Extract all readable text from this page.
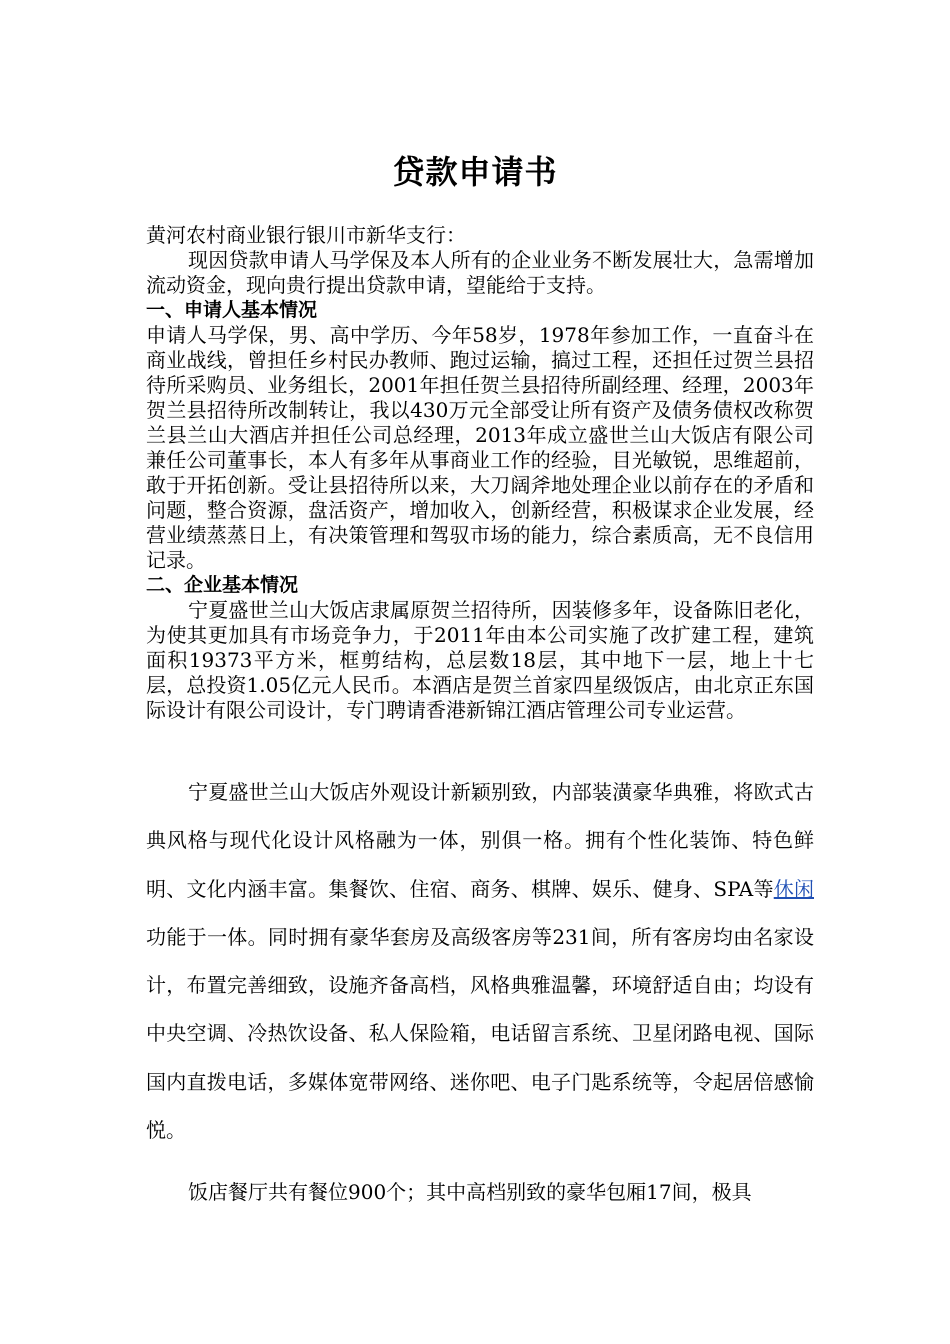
贷款申请书

黄河农村商业银行银川市新华支行：

现因贷款申请人马学保及本人所有的企业业务不断发展壮大，急需增加流动资金，现向贵行提出贷款申请，望能给于支持。

一、申请人基本情况

申请人马学保，男、高中学历、今年58岁，1978年参加工作，一直奋斗在商业战线，曾担任乡村民办教师、跑过运输，搞过工程，还担任过贺兰县招待所采购员、业务组长，2001年担任贺兰县招待所副经理、经理，2003年贺兰县招待所改制转让，我以430万元全部受让所有资产及债务债权改称贺兰县兰山大酒店并担任公司总经理，2013年成立盛世兰山大饭店有限公司兼任公司董事长，本人有多年从事商业工作的经验，目光敏锐，思维超前，敢于开拓创新。受让县招待所以来，大刀阔斧地处理企业以前存在的矛盾和问题，整合资源，盘活资产，增加收入，创新经营，积极谋求企业发展，经营业绩蒸蒸日上，有决策管理和驾驭市场的能力，综合素质高，无不良信用记录。

二、企业基本情况

宁夏盛世兰山大饭店隶属原贺兰招待所，因装修多年，设备陈旧老化，为使其更加具有市场竞争力，于2011年由本公司实施了改扩建工程，建筑面积19373平方米，框剪结构，总层数18层，其中地下一层，地上十七层，总投资1.05亿元人民币。本酒店是贺兰首家四星级饭店，由北京正东国际设计有限公司设计，专门聘请香港新锦江酒店管理公司专业运营。

宁夏盛世兰山大饭店外观设计新颖别致，内部装潢豪华典雅，将欧式古典风格与现代化设计风格融为一体，别俱一格。拥有个性化装饰、特色鲜明、文化内涵丰富。集餐饮、住宿、商务、棋牌、娱乐、健身、SPA等休闲功能于一体。同时拥有豪华套房及高级客房等231间，所有客房均由名家设计，布置完善细致，设施齐备高档，风格典雅温馨，环境舒适自由；均设有中央空调、冷热饮设备、私人保险箱，电话留言系统、卫星闭路电视、国际国内直拨电话，多媒体宽带网络、迷你吧、电子门匙系统等，令起居倍感愉悦。

饭店餐厅共有餐位900个；其中高档别致的豪华包厢17间，极具
